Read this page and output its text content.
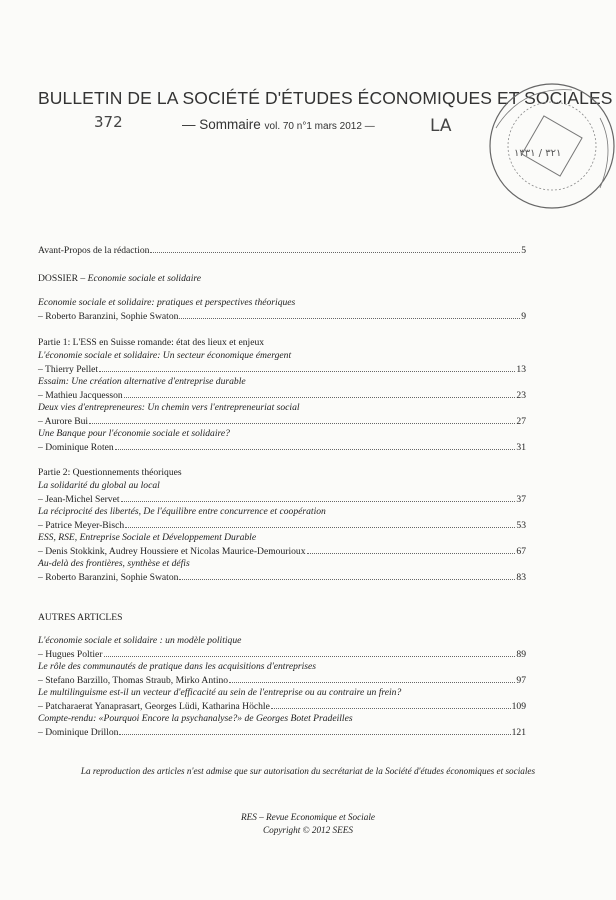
BULLETIN DE LA SOCIÉTÉ D'ÉTUDES ÉCONOMIQUES ET SOCIALES
372	— Sommaire vol. 70 n°1 mars 2012 —	LA
٣٢١ / ١٣٣١
Avant-Propos de la rédaction	5
DOSSIER – Economie sociale et solidaire
Economie sociale et solidaire: pratiques et perspectives théoriques
– Roberto Baranzini, Sophie Swaton	9
Partie 1: L'ESS en Suisse romande: état des lieux et enjeux
L'économie sociale et solidaire: Un secteur économique émergent
– Thierry Pellet	13
Essaim: Une création alternative d'entreprise durable
– Mathieu Jacquesson	23
Deux vies d'entrepreneures: Un chemin vers l'entrepreneuriat social
– Aurore Bui	27
Une Banque pour l'économie sociale et solidaire?
– Dominique Roten	31
Partie 2: Questionnements théoriques
La solidarité du global au local
– Jean-Michel Servet	37
La réciprocité des libertés, De l'équilibre entre concurrence et coopération
– Patrice Meyer-Bisch	53
ESS, RSE, Entreprise Sociale et Développement Durable
– Denis Stokkink, Audrey Houssiere et Nicolas Maurice-Demourioux	67
Au-delà des frontières, synthèse et défis
– Roberto Baranzini, Sophie Swaton	83
AUTRES ARTICLES
L'économie sociale et solidaire : un modèle politique
– Hugues Poltier	89
Le rôle des communautés de pratique dans les acquisitions d'entreprises
– Stefano Barzillo, Thomas Straub, Mirko Antino	97
Le multilinguisme est-il un vecteur d'efficacité au sein de l'entreprise ou au contraire un frein?
– Patcharaerat Yanaprasart, Georges Lüdi, Katharina Höchle	109
Compte-rendu: «Pourquoi Encore la psychanalyse?» de Georges Botet Pradeilles
– Dominique Drillon	121
La reproduction des articles n'est admise que sur autorisation du secrétariat de la Société d'études économiques et sociales
RES – Revue Economique et Sociale
Copyright © 2012 SEES
